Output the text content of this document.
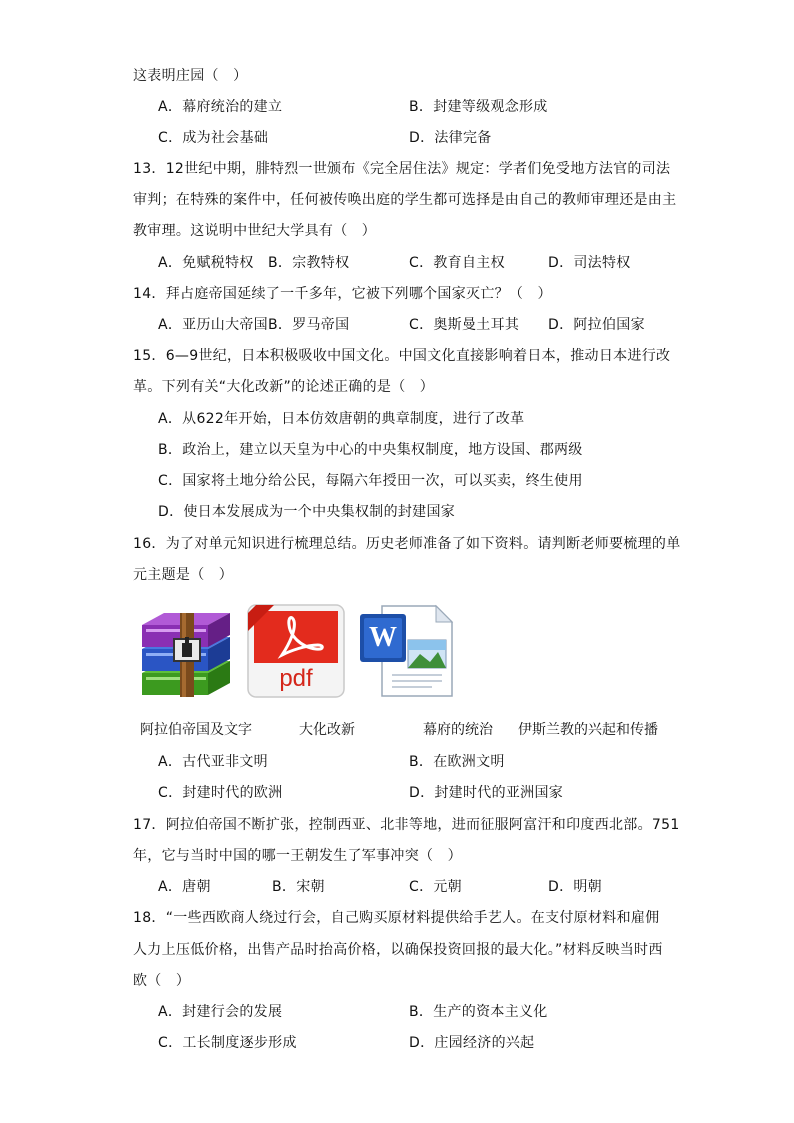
这表明庄园（　）
A．幕府统治的建立	B．封建等级观念形成
C．成为社会基础	D．法律完备
13．12世纪中期，腓特烈一世颁布《完全居住法》规定：学者们免受地方法官的司法
审判；在特殊的案件中，任何被传唤出庭的学生都可选择是由自己的教师审理还是由主
教审理。这说明中世纪大学具有（　）
A．免赋税特权 B．宗教特权	C．教育自主权	D．司法特权
14．拜占庭帝国延续了一千多年，它被下列哪个国家灭亡？（　）
A．亚历山大帝国 B．罗马帝国	C．奥斯曼土耳其 D．阿拉伯国家
15．6—9世纪，日本积极吸收中国文化。中国文化直接影响着日本，推动日本进行改
革。下列有关“大化改新”的论述正确的是（　）
A．从622年开始，日本仿效唐朝的典章制度，进行了改革
B．政治上，建立以天皇为中心的中央集权制度，地方设国、郡两级
C．国家将土地分给公民，每隔六年授田一次，可以买卖，终生使用
D．使日本发展成为一个中央集权制的封建国家
16．为了对单元知识进行梳理总结。历史老师准备了如下资料。请判断老师要梳理的单
元主题是（　）
pdf
W
阿拉伯帝国及文字	大化改新	幕府的统治 伊斯兰教的兴起和传播
A．古代亚非文明	B．在欧洲文明
C．封建时代的欧洲	D．封建时代的亚洲国家
17．阿拉伯帝国不断扩张，控制西亚、北非等地，进而征服阿富汗和印度西北部。751
年，它与当时中国的哪一王朝发生了军事冲突（　）
A．唐朝	B．宋朝	C．元朝	D．明朝
18．“一些西欧商人绕过行会，自己购买原材料提供给手艺人。在支付原材料和雇佣
人力上压低价格，出售产品时抬高价格，以确保投资回报的最大化。”材料反映当时西
欧（　）
A．封建行会的发展	B．生产的资本主义化
C．工长制度逐步形成	D．庄园经济的兴起
